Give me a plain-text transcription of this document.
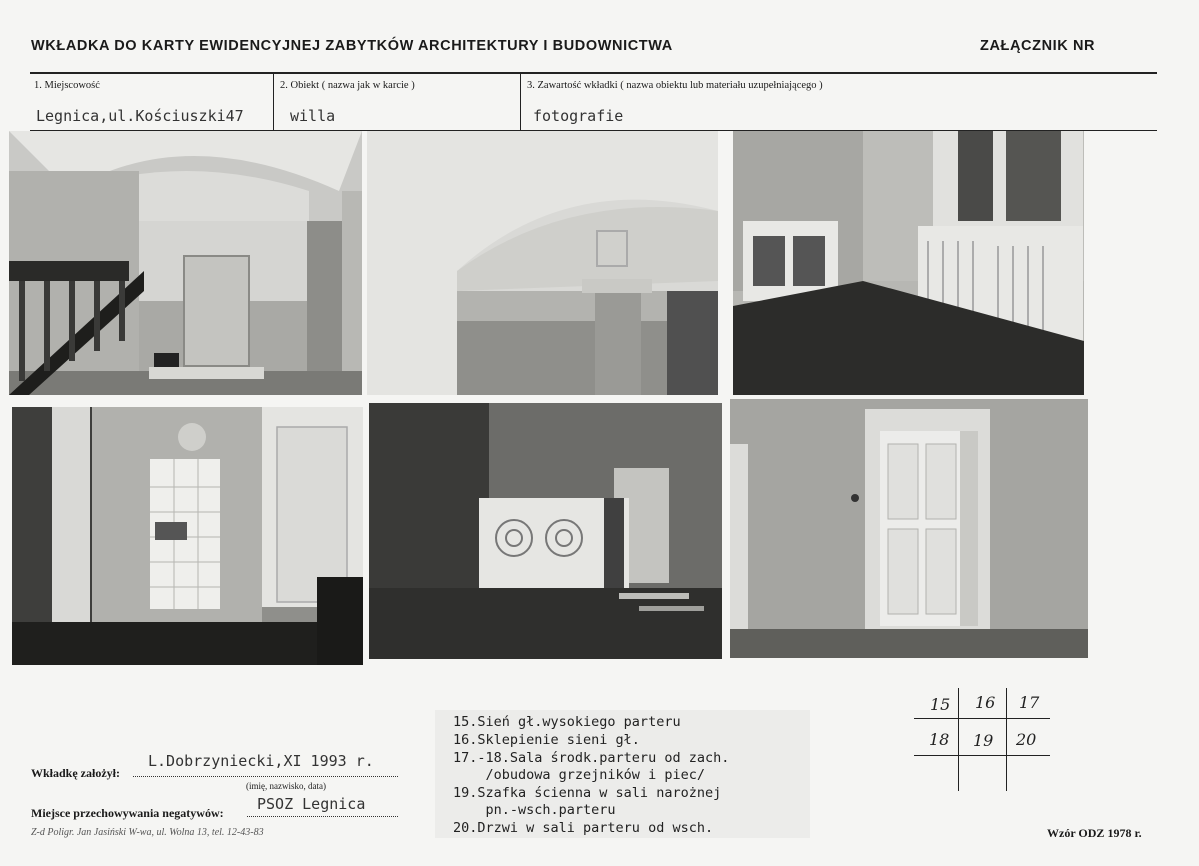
WKŁADKA DO KARTY EWIDENCYJNEJ ZABYTKÓW ARCHITEKTURY I BUDOWNICTWA	ZAŁĄCZNIK NR
1. Miejscowość	2. Obiekt ( nazwa jak w karcie )	3. Zawartość wkładki ( nazwa obiektu lub materiału uzupełniającego )
Legnica,ul.Kościuszki47	willa	fotografie
15.Sień gł.wysokiego parteru
16.Sklepienie sieni gł.
17.-18.Sala środk.parteru od zach.
/obudowa grzejników i piec/
19.Szafka ścienna w sali narożnej
pn.-wsch.parteru
20.Drzwi w sali parteru od wsch.
L.Dobrzyniecki,XI 1993 r.
Wkładkę założył:
(imię, nazwisko, data)
PSOZ Legnica
Miejsce przechowywania negatywów:
15 16 17
18 19 20
Z-d Poligr. Jan Jasiński W-wa, ul. Wolna 13, tel. 12-43-83	Wzór ODZ 1978 r.
